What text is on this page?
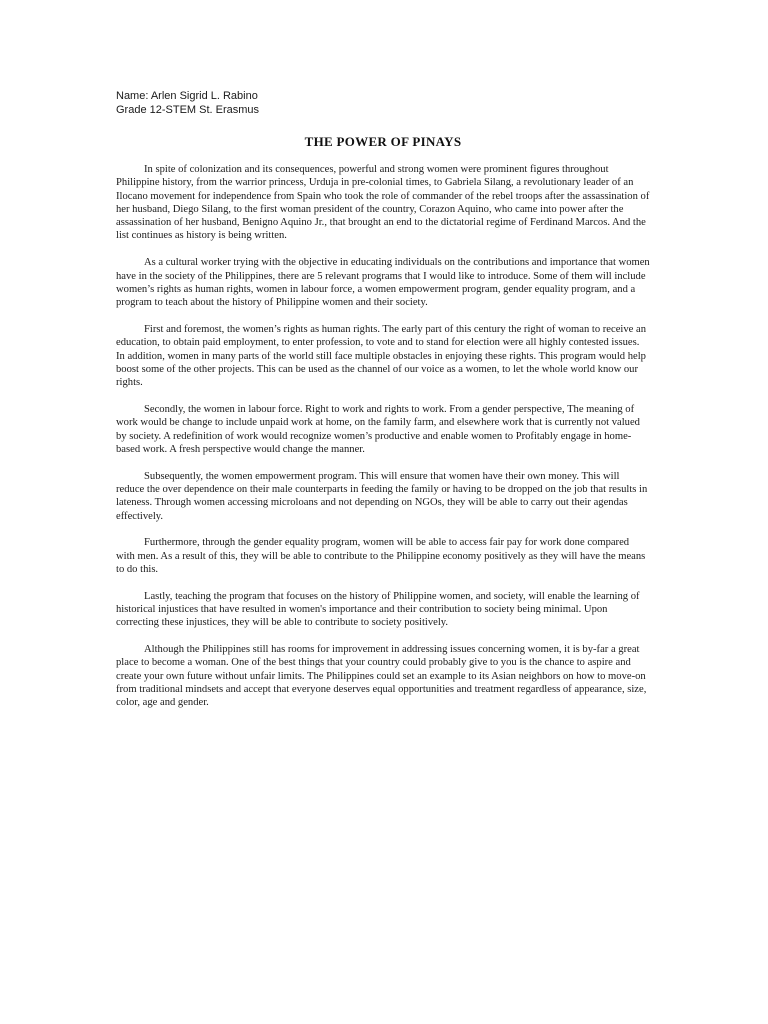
Name: Arlen Sigrid L. Rabino
Grade 12-STEM St. Erasmus
THE POWER OF PINAYS

In spite of colonization and its consequences, powerful and strong women were prominent figures throughout Philippine history, from the warrior princess, Urduja in pre-colonial times, to Gabriela Silang, a revolutionary leader of an Ilocano movement for independence from Spain who took the role of commander of the rebel troops after the assassination of her husband, Diego Silang, to the first woman president of the country, Corazon Aquino, who came into power after the assassination of her husband, Benigno Aquino Jr., that brought an end to the dictatorial regime of Ferdinand Marcos. And the list continues as history is being written.

As a cultural worker trying with the objective in educating individuals on the contributions and importance that women have in the society of the Philippines, there are 5 relevant programs that I would like to introduce. Some of them will include women’s rights as human rights, women in labour force, a women empowerment program, gender equality program, and a program to teach about the history of Philippine women and their society.

First and foremost, the women’s rights as human rights. The early part of this century the right of woman to receive an education, to obtain paid employment, to enter profession, to vote and to stand for election were all highly contested issues. In addition, women in many parts of the world still face multiple obstacles in enjoying these rights. This program would help boost some of the other projects. This can be used as the channel of our voice as a women, to let the whole world know our rights.

Secondly, the women in labour force. Right to work and rights to work. From a gender perspective, The meaning of work would be change to include unpaid work at home, on the family farm, and elsewhere work that is currently not valued by society. A redefinition of work would recognize women’s productive and enable women to Profitably engage in home-based work. A fresh perspective would change the manner.

Subsequently, the women empowerment program. This will ensure that women have their own money. This will reduce the over dependence on their male counterparts in feeding the family or having to be dropped on the job that results in lateness. Through women accessing microloans and not depending on NGOs, they will be able to carry out their agendas effectively.

Furthermore, through the gender equality program, women will be able to access fair pay for work done compared with men. As a result of this, they will be able to contribute to the Philippine economy positively as they will have the means to do this.

Lastly, teaching the program that focuses on the history of Philippine women, and society, will enable the learning of historical injustices that have resulted in women's importance and their contribution to society being minimal. Upon correcting these injustices, they will be able to contribute to society positively.

Although the Philippines still has rooms for improvement in addressing issues concerning women, it is by-far a great place to become a woman. One of the best things that your country could probably give to you is the chance to aspire and create your own future without unfair limits. The Philippines could set an example to its Asian neighbors on how to move-on from traditional mindsets and accept that everyone deserves equal opportunities and treatment regardless of appearance, size, color, age and gender.
